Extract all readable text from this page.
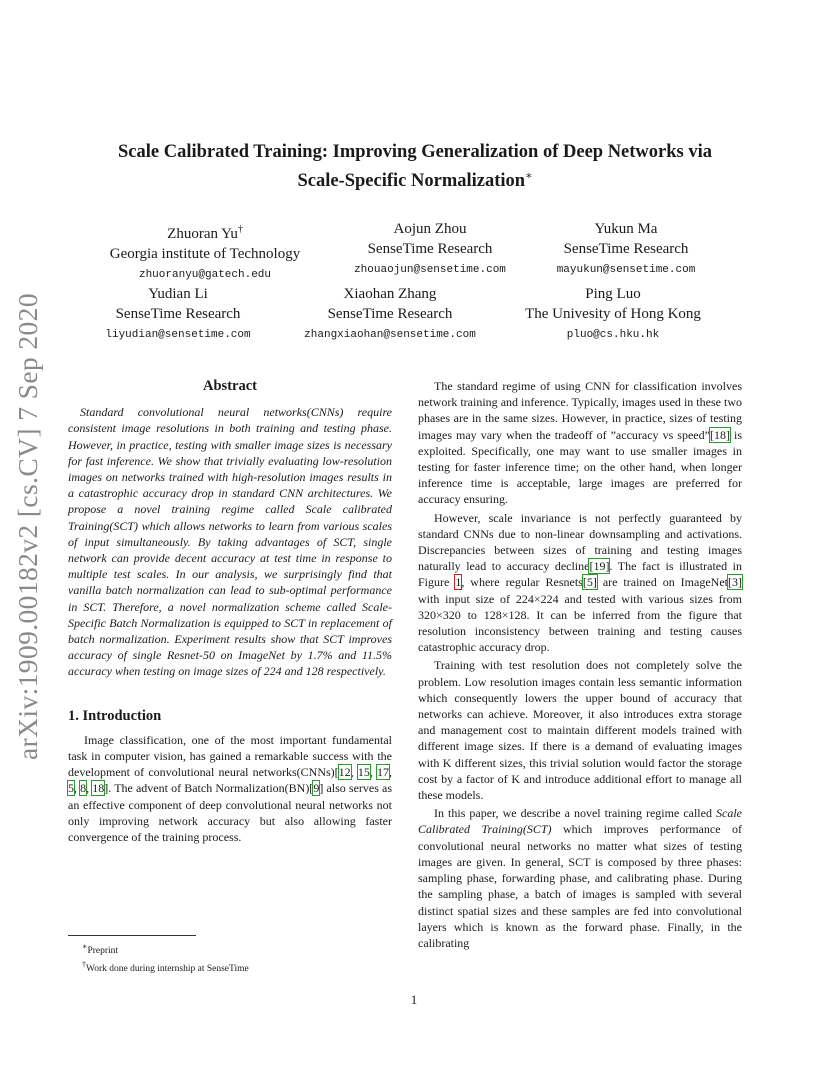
arXiv:1909.00182v2 [cs.CV] 7 Sep 2020
Scale Calibrated Training: Improving Generalization of Deep Networks via
Scale-Specific Normalization∗
Zhuoran Yu†
Georgia institute of Technology
zhuoranyu@gatech.edu
Aojun Zhou
SenseTime Research
zhouaojun@sensetime.com
Yukun Ma
SenseTime Research
mayukun@sensetime.com
Yudian Li
SenseTime Research
liyudian@sensetime.com
Xiaohan Zhang
SenseTime Research
zhangxiaohan@sensetime.com
Ping Luo
The Univesity of Hong Kong
pluo@cs.hku.hk
Abstract

Standard convolutional neural networks(CNNs) require consistent image resolutions in both training and testing phase. However, in practice, testing with smaller image sizes is necessary for fast inference. We show that trivially evaluating low-resolution images on networks trained with high-resolution images results in a catastrophic accuracy drop in standard CNN architectures. We propose a novel training regime called Scale calibrated Training(SCT) which allows networks to learn from various scales of input simultaneously. By taking advantages of SCT, single network can provide decent accuracy at test time in response to multiple test scales. In our analysis, we surprisingly find that vanilla batch normalization can lead to sub-optimal performance in SCT. Therefore, a novel normalization scheme called Scale-Specific Batch Normalization is equipped to SCT in replacement of batch normalization. Experiment results show that SCT improves accuracy of single Resnet-50 on ImageNet by 1.7% and 11.5% accuracy when testing on image sizes of 224 and 128 respectively.

1. Introduction

Image classification, one of the most important fundamental task in computer vision, has gained a remarkable success with the development of convolutional neural networks(CNNs)[12, 15, 17, 5, 8, 18]. The advent of Batch Normalization(BN)[9] also serves as an effective component of deep convolutional neural networks not only improving network accuracy but also allowing faster convergence of the training process.

The standard regime of using CNN for classification involves network training and inference. Typically, images used in these two phases are in the same sizes. However, in practice, sizes of testing images may vary when the tradeoff of ”accuracy vs speed”[18] is exploited. Specifically, one may want to use smaller images in testing for faster inference time; on the other hand, when longer inference time is acceptable, large images are preferred for accuracy ensuring.

However, scale invariance is not perfectly guaranteed by standard CNNs due to non-linear downsampling and activations. Discrepancies between sizes of training and testing images naturally lead to accuracy decline[19]. The fact is illustrated in Figure 1, where regular Resnets[5] are trained on ImageNet[3] with input size of 224×224 and tested with various sizes from 320×320 to 128×128. It can be inferred from the figure that resolution inconsistency between training and testing causes catastrophic accuracy drop.

Training with test resolution does not completely solve the problem. Low resolution images contain less semantic information which consequently lowers the upper bound of accuracy that networks can achieve. Moreover, it also introduces extra storage and management cost to maintain different models trained with different image sizes. If there is a demand of evaluating images with K different sizes, this trivial solution would factor the storage cost by a factor of K and introduce additional effort to manage all these models.

In this paper, we describe a novel training regime called Scale Calibrated Training(SCT) which improves performance of convolutional neural networks no matter what sizes of testing images are given. In general, SCT is composed by three phases: sampling phase, forwarding phase, and calibrating phase. During the sampling phase, a batch of images is sampled with several distinct spatial sizes and these samples are fed into convolutional layers which is known as the forward phase. Finally, in the calibrating

∗Preprint
†Work done during internship at SenseTime
1
